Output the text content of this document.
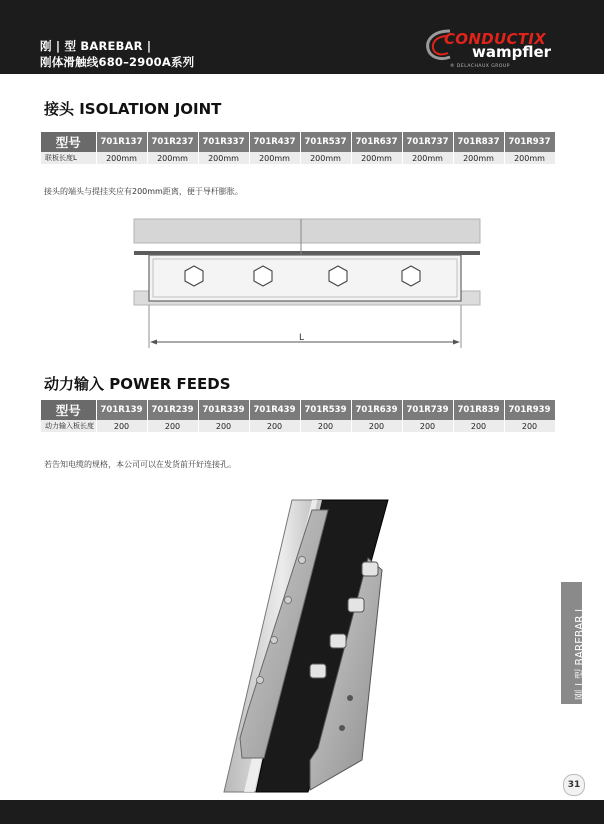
刚 | 型 BAREBAR |
刚体滑触线680–2900A系列
CONDUCTIX
wampfler
® DELACHAUX GROUP
接头 ISOLATION JOINT
型号	701R137	701R237	701R337	701R437	701R537	701R637	701R737	701R837	701R937
联板长度L	200mm	200mm	200mm	200mm	200mm	200mm	200mm	200mm	200mm
接头的端头与提挂夹应有200mm距离，便于导杆膨胀。
L
动力输入 POWER FEEDS
型号	701R139	701R239	701R339	701R439	701R539	701R639	701R739	701R839	701R939
动力输入板长度	200	200	200	200	200	200	200	200	200
若告知电缆的规格，本公司可以在发货前开好连接孔。
刚 | 型 BAREBAR |
31
